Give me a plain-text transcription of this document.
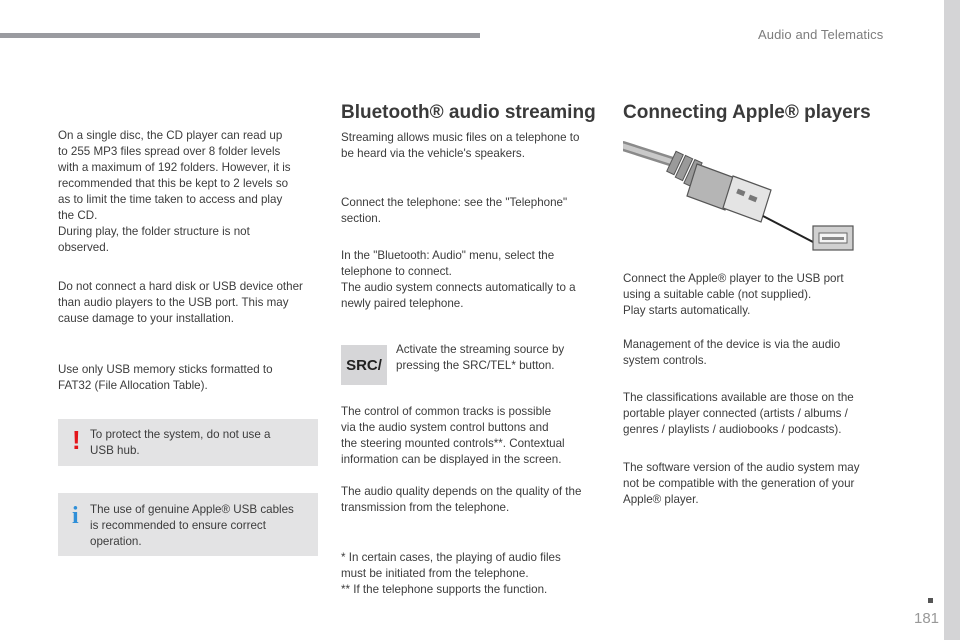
Audio and Telematics

On a single disc, the CD player can read up
to 255 MP3 files spread over 8 folder levels
with a maximum of 192 folders. However, it is
recommended that this be kept to 2 levels so
as to limit the time taken to access and play
the CD.
During play, the folder structure is not
observed.

Do not connect a hard disk or USB device other
than audio players to the USB port. This may
cause damage to your installation.

Use only USB memory sticks formatted to
FAT32 (File Allocation Table).

! To protect the system, do not use a
USB hub.

i The use of genuine Apple® USB cables
is recommended to ensure correct
operation.

Bluetooth® audio streaming

Streaming allows music files on a telephone to
be heard via the vehicle's speakers.

Connect the telephone: see the "Telephone"
section.

In the "Bluetooth: Audio" menu, select the
telephone to connect.
The audio system connects automatically to a
newly paired telephone.

SRC/

Activate the streaming source by
pressing the SRC/TEL* button.

The control of common tracks is possible
via the audio system control buttons and
the steering mounted controls**. Contextual
information can be displayed in the screen.

The audio quality depends on the quality of the
transmission from the telephone.

* In certain cases, the playing of audio files
must be initiated from the telephone.
** If the telephone supports the function.

Connecting Apple® players

Connect the Apple® player to the USB port
using a suitable cable (not supplied).
Play starts automatically.

Management of the device is via the audio
system controls.

The classifications available are those on the
portable player connected (artists / albums /
genres / playlists / audiobooks / podcasts).

The software version of the audio system may
not be compatible with the generation of your
Apple® player.

181
